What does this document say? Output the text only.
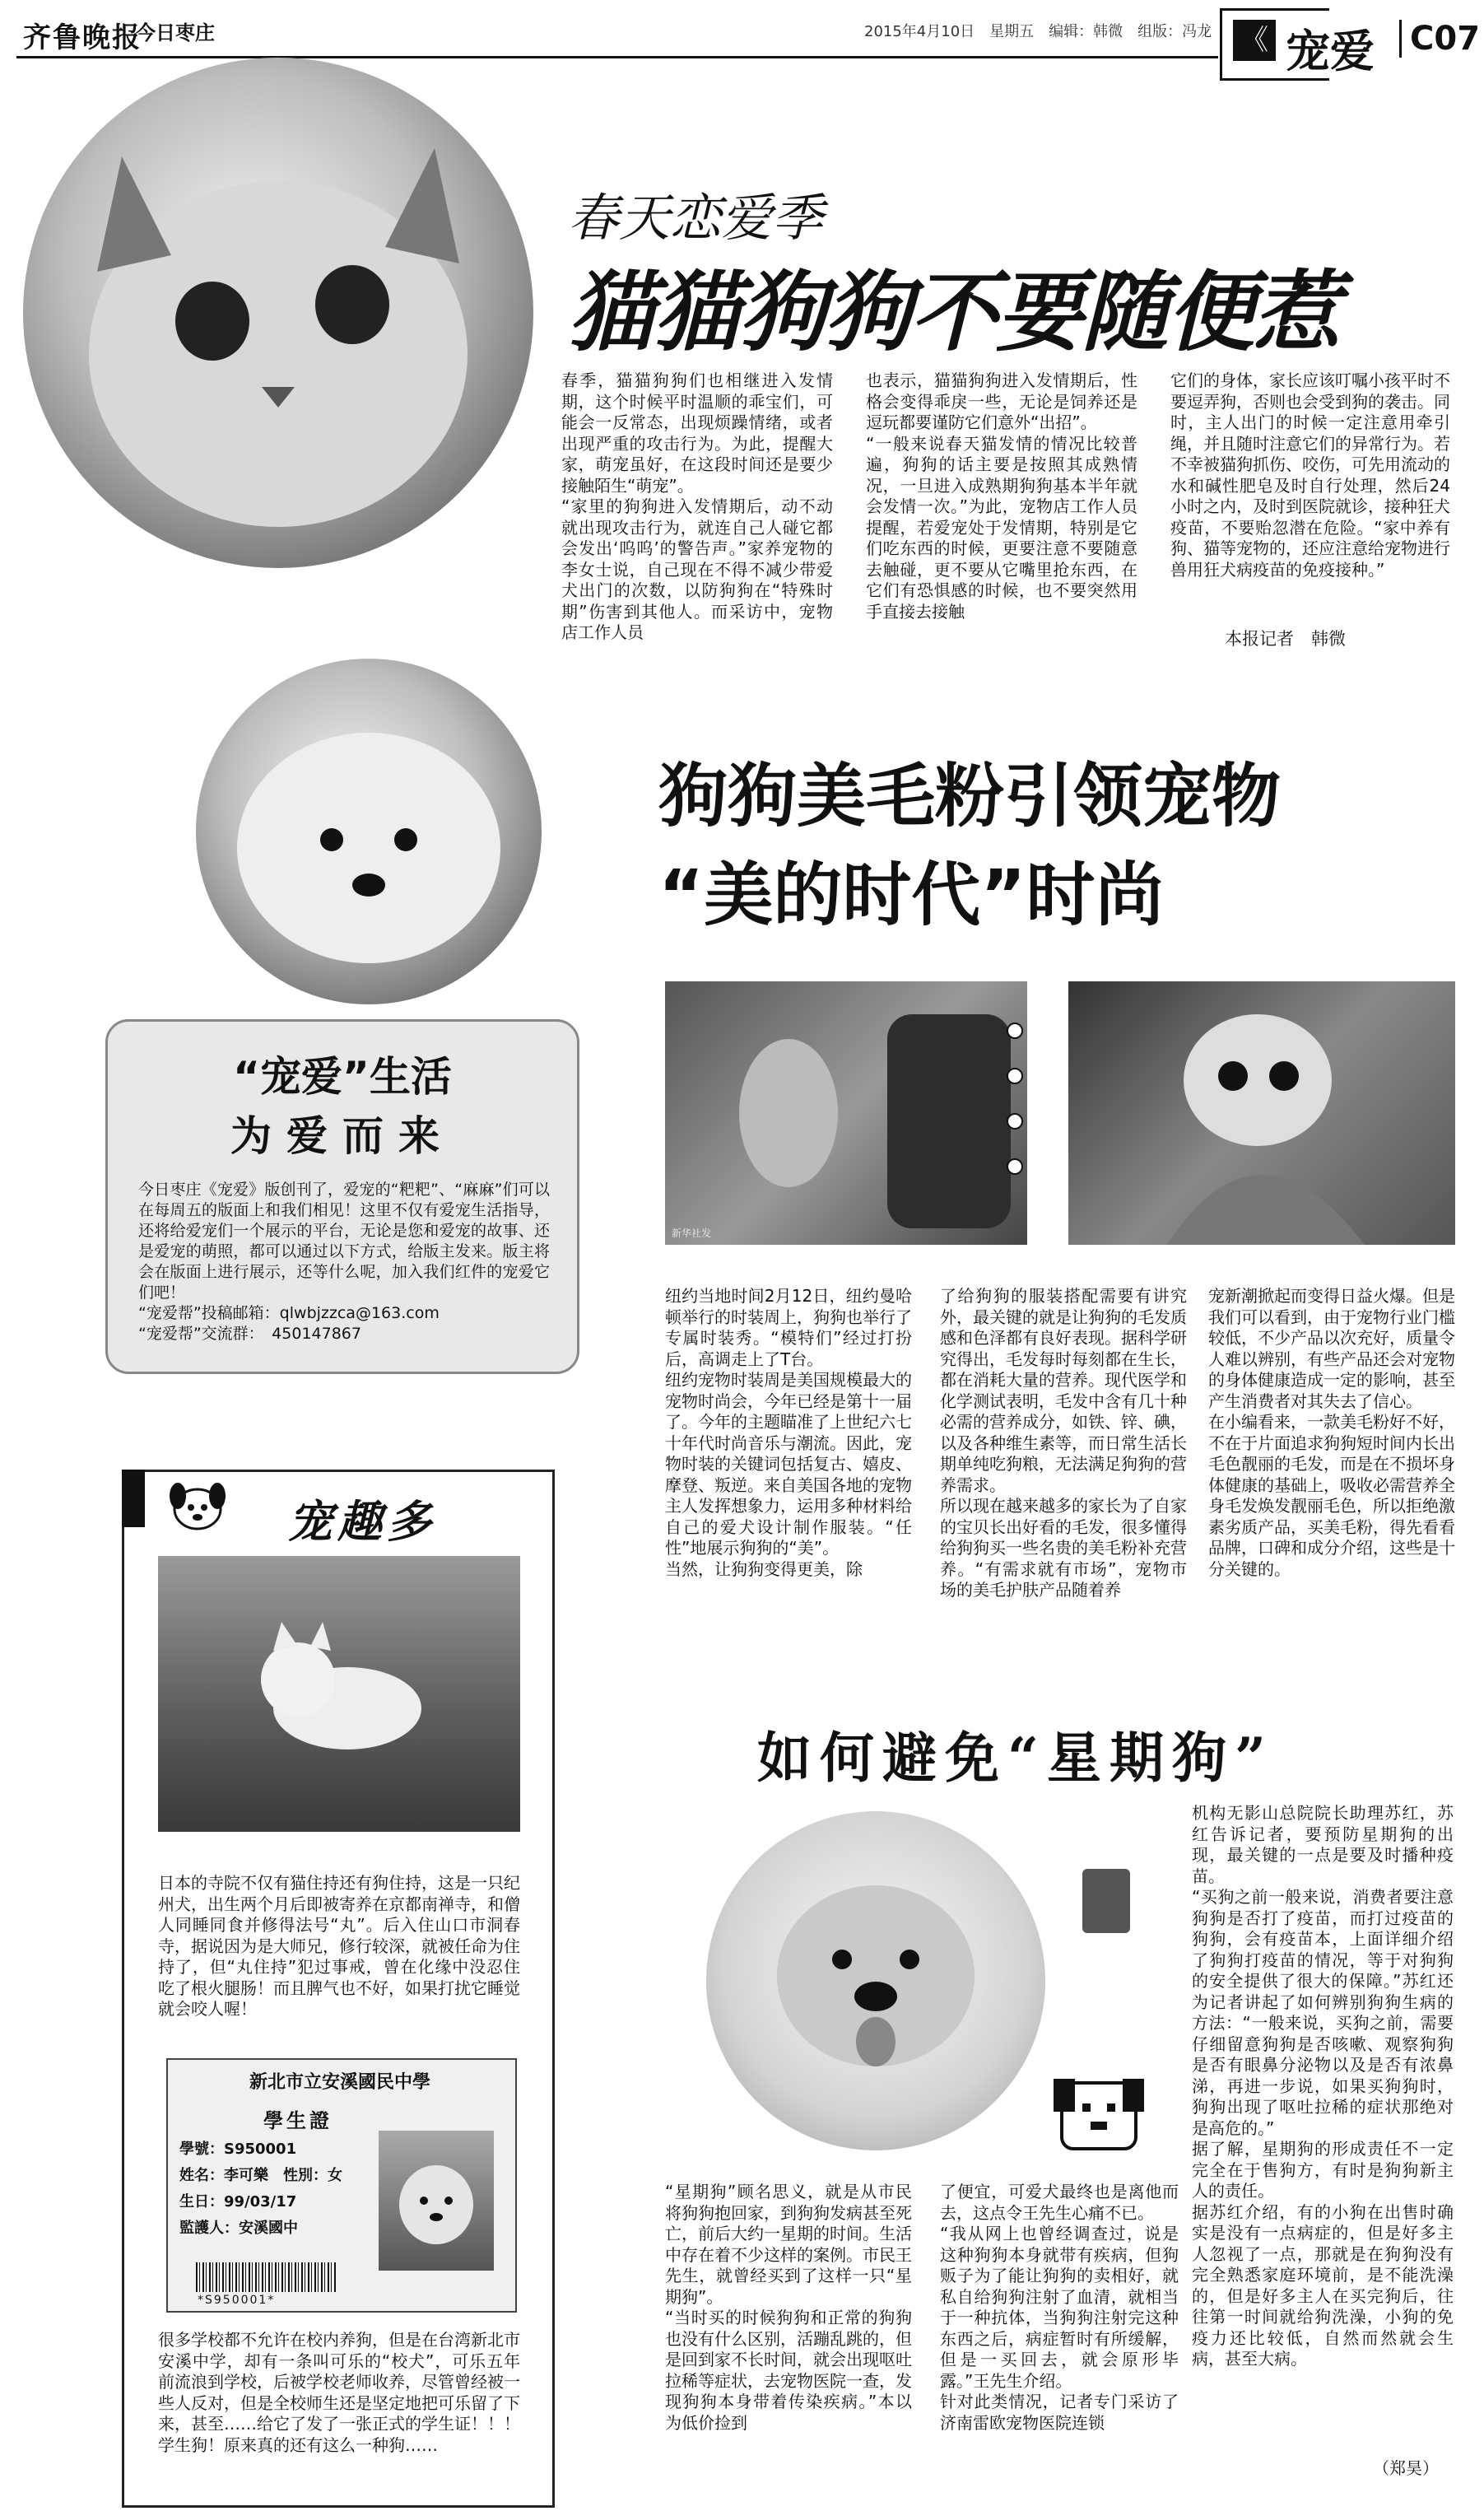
齐鲁晚报
今日枣庄	2015年4月10日　星期五　编辑：韩微　组版：冯龙 《 宠爱	C07
春天恋爱季
猫猫狗狗不要随便惹
春季，猫猫狗狗们也相继进入发情期，这个时候平时温顺的乖宝们，可能会一反常态，出现烦躁情绪，或者出现严重的攻击行为。为此，提醒大家，萌宠虽好，在这段时间还是要少接触陌生“萌宠”。
“家里的狗狗进入发情期后，动不动就出现攻击行为，就连自己人碰它都会发出‘呜呜’的警告声。”家养宠物的李女士说，自己现在不得不减少带爱犬出门的次数，以防狗狗在“特殊时期”伤害到其他人。而采访中，宠物店工作人员
也表示，猫猫狗狗进入发情期后，性格会变得乖戾一些，无论是饲养还是逗玩都要谨防它们意外“出招”。
“一般来说春天猫发情的情况比较普遍，狗狗的话主要是按照其成熟情况，一旦进入成熟期狗狗基本半年就会发情一次。”为此，宠物店工作人员提醒，若爱宠处于发情期，特别是它们吃东西的时候，更要注意不要随意去触碰，更不要从它嘴里抢东西，在它们有恐惧感的时候，也不要突然用手直接去接触
它们的身体，家长应该叮嘱小孩平时不要逗弄狗，否则也会受到狗的袭击。同时，主人出门的时候一定注意用牵引绳，并且随时注意它们的异常行为。若不幸被猫狗抓伤、咬伤，可先用流动的水和碱性肥皂及时自行处理，然后24小时之内，及时到医院就诊，接种狂犬疫苗，不要贻忽潜在危险。“家中养有狗、猫等宠物的，还应注意给宠物进行兽用狂犬病疫苗的免疫接种。”
本报记者　韩微
狗狗美毛粉引领宠物
“美的时代”时尚
新华社发
纽约当地时间2月12日，纽约曼哈顿举行的时装周上，狗狗也举行了专属时装秀。“模特们”经过打扮后，高调走上了T台。
纽约宠物时装周是美国规模最大的宠物时尚会，今年已经是第十一届了。今年的主题瞄准了上世纪六七十年代时尚音乐与潮流。因此，宠物时装的关键词包括复古、嬉皮、摩登、叛逆。来自美国各地的宠物主人发挥想象力，运用多种材料给自己的爱犬设计制作服装。“任性”地展示狗狗的“美”。
当然，让狗狗变得更美，除
了给狗狗的服装搭配需要有讲究外，最关键的就是让狗狗的毛发质感和色泽都有良好表现。据科学研究得出，毛发每时每刻都在生长，都在消耗大量的营养。现代医学和化学测试表明，毛发中含有几十种必需的营养成分，如铁、锌、碘，以及各种维生素等，而日常生活长期单纯吃狗粮，无法满足狗狗的营养需求。
所以现在越来越多的家长为了自家的宝贝长出好看的毛发，很多懂得给狗狗买一些名贵的美毛粉补充营养。“有需求就有市场”，宠物市场的美毛护肤产品随着养
宠新潮掀起而变得日益火爆。但是我们可以看到，由于宠物行业门槛较低，不少产品以次充好，质量令人难以辨别，有些产品还会对宠物的身体健康造成一定的影响，甚至产生消费者对其失去了信心。
在小编看来，一款美毛粉好不好，不在于片面追求狗狗短时间内长出毛色靓丽的毛发，而是在不损坏身体健康的基础上，吸收必需营养全身毛发焕发靓丽毛色，所以拒绝激素劣质产品，买美毛粉，得先看看品牌，口碑和成分介绍，这些是十分关键的。
“宠爱”生活
为爱而来
今日枣庄《宠爱》版创刊了，爱宠的“粑粑”、“麻麻”们可以在每周五的版面上和我们相见！这里不仅有爱宠生活指导，还将给爱宠们一个展示的平台，无论是您和爱宠的故事、还是爱宠的萌照，都可以通过以下方式，给版主发来。版主将会在版面上进行展示，还等什么呢，加入我们红件的宠爱它们吧！
“宠爱帮”投稿邮箱：qlwbjzzca@163.com
“宠爱帮”交流群：　450147867
宠趣多
日本的寺院不仅有猫住持还有狗住持，这是一只纪州犬，出生两个月后即被寄养在京都南禅寺，和僧人同睡同食并修得法号“丸”。后入住山口市洞春寺，据说因为是大师兄，修行较深，就被任命为住持了，但“丸住持”犯过事戒，曾在化缘中没忍住吃了根火腿肠！而且脾气也不好，如果打扰它睡觉就会咬人喔！
新北市立安溪國民中學
學生證
學號：S950001
姓名：李可樂　 性別：女
生日：99/03/17
監護人：安溪國中
*S950001*
很多学校都不允许在校内养狗，但是在台湾新北市安溪中学，却有一条叫可乐的“校犬”，可乐五年前流浪到学校，后被学校老师收养，尽管曾经被一些人反对，但是全校师生还是坚定地把可乐留了下来，甚至……给它了发了一张正式的学生证！！！学生狗！原来真的还有这么一种狗……
如何避免“星期狗”
机构无影山总院院长助理苏红，苏红告诉记者，要预防星期狗的出现，最关键的一点是要及时播种疫苗。
“买狗之前一般来说，消费者要注意狗狗是否打了疫苗，而打过疫苗的狗狗，会有疫苗本，上面详细介绍了狗狗打疫苗的情况，等于对狗狗的安全提供了很大的保障。”苏红还为记者讲起了如何辨别狗狗生病的方法：“一般来说，买狗之前，需要仔细留意狗狗是否咳嗽、观察狗狗是否有眼鼻分泌物以及是否有浓鼻涕，再进一步说，如果买狗狗时，狗狗出现了呕吐拉稀的症状那绝对是高危的。”
据了解，星期狗的形成责任不一定完全在于售狗方，有时是狗狗新主人的责任。
据苏红介绍，有的小狗在出售时确实是没有一点病症的，但是好多主人忽视了一点，那就是在狗狗没有完全熟悉家庭环境前，是不能洗澡的，但是好多主人在买完狗后，往往第一时间就给狗洗澡，小狗的免疫力还比较低，自然而然就会生病，甚至大病。
（郑昊）
“星期狗”顾名思义，就是从市民将狗狗抱回家，到狗狗发病甚至死亡，前后大约一星期的时间。生活中存在着不少这样的案例。市民王先生，就曾经买到了这样一只“星期狗”。
“当时买的时候狗狗和正常的狗狗也没有什么区别，活蹦乱跳的，但是回到家不长时间，就会出现呕吐拉稀等症状，去宠物医院一查，发现狗狗本身带着传染疾病。”本以为低价捡到
了便宜，可爱犬最终也是离他而去，这点令王先生心痛不已。
“我从网上也曾经调查过，说是这种狗狗本身就带有疾病，但狗贩子为了能让狗狗的卖相好，就私自给狗狗注射了血清，就相当于一种抗体，当狗狗注射完这种东西之后，病症暂时有所缓解，但是一买回去，就会原形毕露。”王先生介绍。
针对此类情况，记者专门采访了济南雷欧宠物医院连锁
